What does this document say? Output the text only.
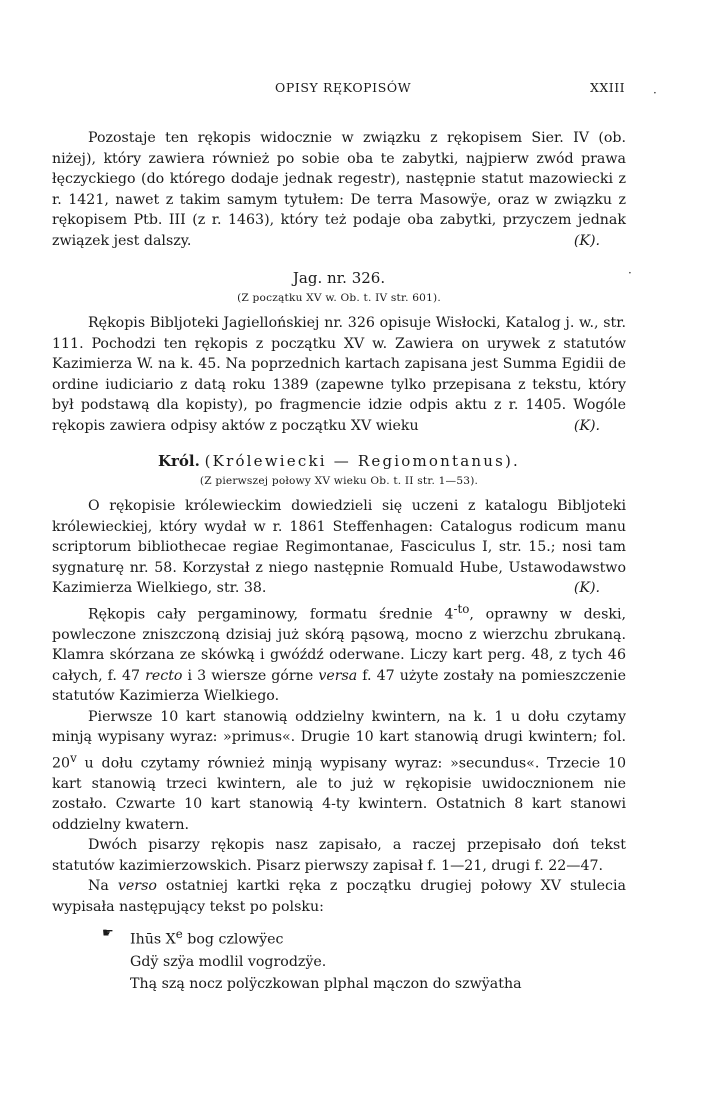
OPISY RĘKOPISÓW	XXIII ·
·

Pozostaje ten rękopis widocznie w związku z rękopisem Sier. IV (ob. niżej), który zawiera również po sobie oba te zabytki, najpierw zwód prawa łęczyckiego (do którego dodaje jednak regestr), następnie statut mazowiecki z r. 1421, nawet z takim samym tytułem: De terra Masowÿe, oraz w związku z rękopisem Ptb. III (z r. 1463), który też podaje oba zabytki, przyczem jednak związek jest dalszy.	(K).

Jag. nr. 326.
(Z początku XV w. Ob. t. IV str. 601).

Rękopis Bibljoteki Jagiellońskiej nr. 326 opisuje Wisłocki, Katalog j. w., str. 111. Pochodzi ten rękopis z początku XV w. Zawiera on urywek z statutów Kazimierza W. na k. 45. Na poprzednich kartach zapisana jest Summa Egidii de ordine iudiciario z datą roku 1389 (zapewne tylko przepisana z tekstu, który był podstawą dla kopisty), po fragmencie idzie odpis aktu z r. 1405. Wogóle rękopis zawiera odpisy aktów z początku XV wieku	(K).

Król. (Królewiecki — Regiomontanus).
(Z pierwszej połowy XV wieku Ob. t. II str. 1—53).

O rękopisie królewieckim dowiedzieli się uczeni z katalogu Bibljoteki królewieckiej, który wydał w r. 1861 Steffenhagen: Catalogus rodicum manu scriptorum bibliothecae regiae Regimontanae, Fasciculus I, str. 15.; nosi tam sygnaturę nr. 58. Korzystał z niego następnie Romuald Hube, Ustawodawstwo Kazimierza Wielkiego, str. 38.	(K).

Rękopis cały pergaminowy, formatu średnie $4^{-to}$, oprawny w deski, powleczone zniszczoną dzisiaj już skórą pąsową, mocno z wierzchu zbrukaną. Klamra skórzana ze skówką i gwóźdź oderwane. Liczy kart perg. 48, z tych 46 całych, f. 47 recto i 3 wiersze górne versa f. 47 użyte zostały na pomieszczenie statutów Kazimierza Wielkiego.

Pierwsze 10 kart stanowią oddzielny kwintern, na k. 1 u dołu czytamy minją wypisany wyraz: »primus«. Drugie 10 kart stanowią drugi kwintern; fol. 20$^v$ u dołu czytamy również minją wypisany wyraz: »secundus«. Trzecie 10 kart stanowią trzeci kwintern, ale to już w rękopisie uwidocznionem nie zostało. Czwarte 10 kart stanowią 4-ty kwintern. Ostatnich 8 kart stanowi oddzielny kwatern.

Dwóch pisarzy rękopis nasz zapisało, a raczej przepisało doń tekst statutów kazimierzowskich. Pisarz pierwszy zapisał f. 1—21, drugi f. 22—47.

Na verso ostatniej kartki ręka z początku drugiej połowy XV stulecia wypisała następujący tekst po polsku:

☛ Ihūs Xe bog czlowÿec
Gdÿ szÿa modlil vogrodzÿe.
Thą szą nocz polÿczkowan plphal mączon do szwÿatha
